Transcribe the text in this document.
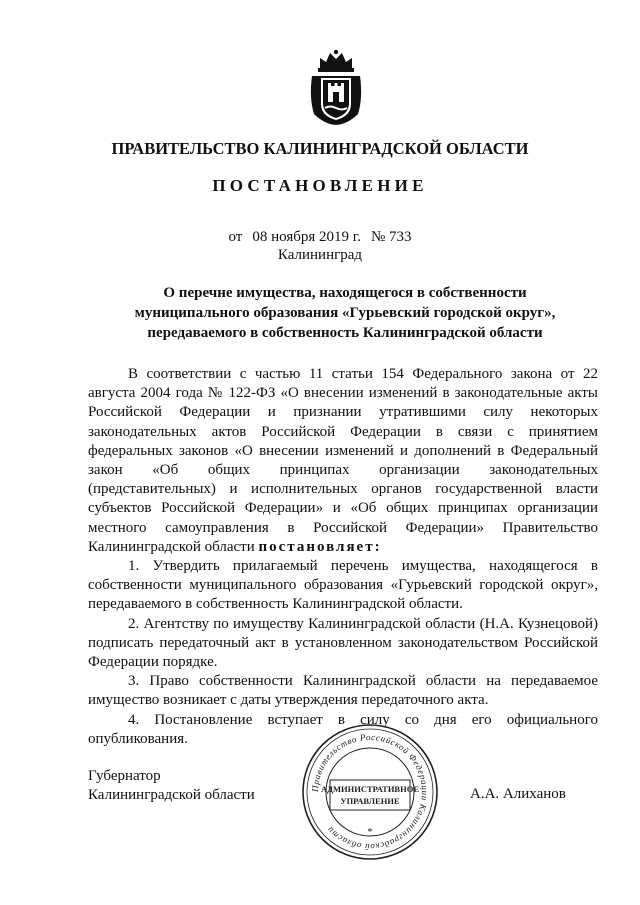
ПРАВИТЕЛЬСТВО КАЛИНИНГРАДСКОЙ ОБЛАСТИ
ПОСТАНОВЛЕНИЕ
от 08 ноября 2019 г. № 733
Калининград
О перечне имущества, находящегося в собственности
муниципального образования «Гурьевский городской округ»,
передаваемого в собственность Калининградской области

В соответствии с частью 11 статьи 154 Федерального закона от 22 августа 2004 года № 122-ФЗ «О внесении изменений в законодательные акты Российской Федерации и признании утратившими силу некоторых законодательных актов Российской Федерации в связи с принятием федеральных законов «О внесении изменений и дополнений в Федеральный закон «Об общих принципах организации законодательных (представительных) и исполнительных органов государственной власти субъектов Российской Федерации» и «Об общих принципах организации местного самоуправления в Российской Федерации» Правительство Калининградской области постановляет:

1. Утвердить прилагаемый перечень имущества, находящегося в собственности муниципального образования «Гурьевский городской округ», передаваемого в собственность Калининградской области.

2. Агентству по имуществу Калининградской области (Н.А. Кузнецовой) подписать передаточный акт в установленном законодательством Российской Федерации порядке.

3. Право собственности Калининградской области на передаваемое имущество возникает с даты утверждения передаточного акта.

4. Постановление вступает в силу со дня его официального опубликования.

Губернатор
Калининградской области	Правительство Российской Федерации Калининградской области
АДМИНИСТРАТИВНОЕ
УПРАВЛЕНИЕ
*
А.А. Алиханов
